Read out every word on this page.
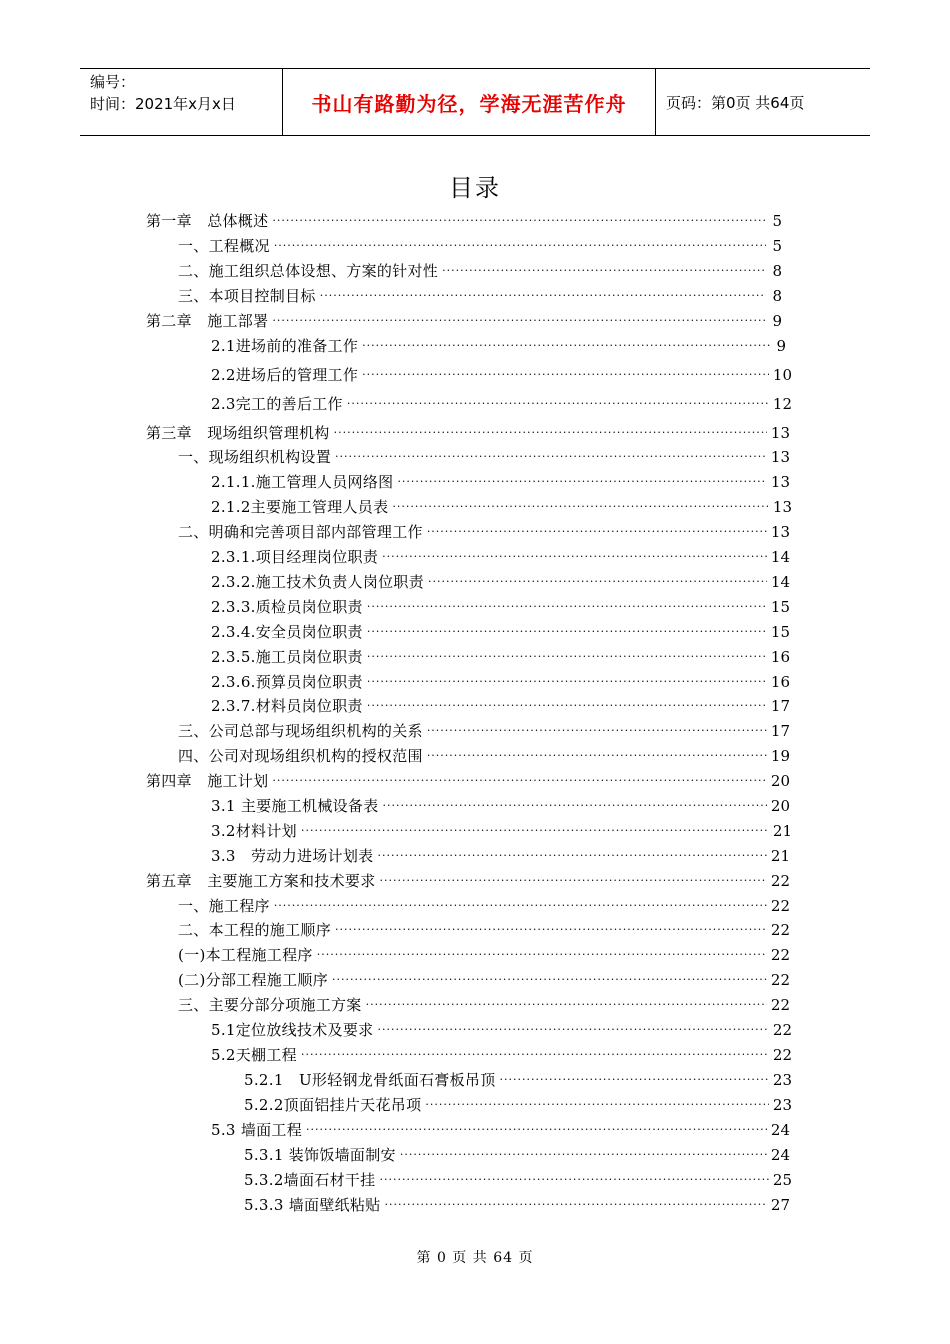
编号：
时间：2021年x月x日	书山有路勤为径，学海无涯苦作舟	页码：第0页 共64页
目录
第一章　总体概述 ·····	5
一、工程概况 ·····	5
二、施工组织总体设想、方案的针对性 ·····	8
三、本项目控制目标 ·····	8
第二章　施工部署 ·····	9
2.1进场前的准备工作 ·····	9
2.2进场后的管理工作 ·····	10
2.3完工的善后工作 ·····	12
第三章　现场组织管理机构 ·····	13
一、现场组织机构设置 ·····	13
2.1.1.施工管理人员网络图 ·····	13
2.1.2主要施工管理人员表 ·····	13
二、明确和完善项目部内部管理工作 ·····	13
2.3.1.项目经理岗位职责 ·····	14
2.3.2.施工技术负责人岗位职责 ·····	14
2.3.3.质检员岗位职责 ·····	15
2.3.4.安全员岗位职责 ·····	15
2.3.5.施工员岗位职责 ·····	16
2.3.6.预算员岗位职责 ·····	16
2.3.7.材料员岗位职责 ·····	17
三、公司总部与现场组织机构的关系 ·····	17
四、公司对现场组织机构的授权范围 ·····	19
第四章　施工计划 ·····	20
3.1 主要施工机械设备表 ·····	20
3.2材料计划 ·····	21
3.3　劳动力进场计划表 ·····	21
第五章　主要施工方案和技术要求 ·····	22
一、施工程序 ·····	22
二、本工程的施工顺序 ·····	22
(一)本工程施工程序 ·····	22
(二)分部工程施工顺序 ·····	22
三、主要分部分项施工方案 ·····	22
5.1定位放线技术及要求 ·····	22
5.2天棚工程 ·····	22
5.2.1　U形轻钢龙骨纸面石膏板吊顶 ·····	23
5.2.2顶面铝挂片天花吊项 ·····	23
5.3 墙面工程 ·····	24
5.3.1 装饰饭墙面制安 ·····	24
5.3.2墙面石材干挂 ·····	25
5.3.3 墙面壁纸粘贴 ·····	27
第 0 页 共 64 页
